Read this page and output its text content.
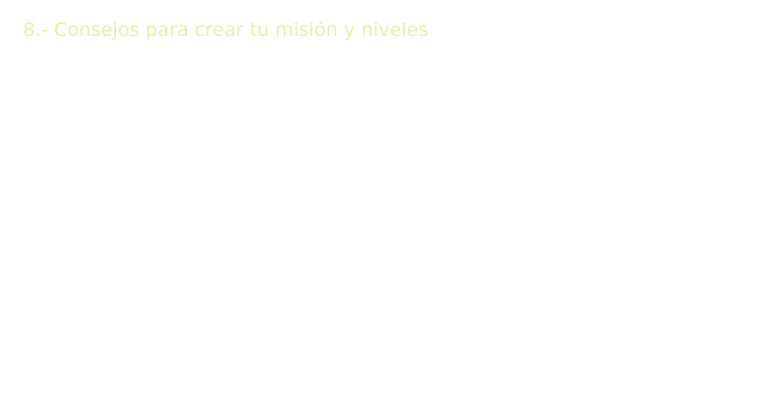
8.- Consejos para crear tu misión y niveles
